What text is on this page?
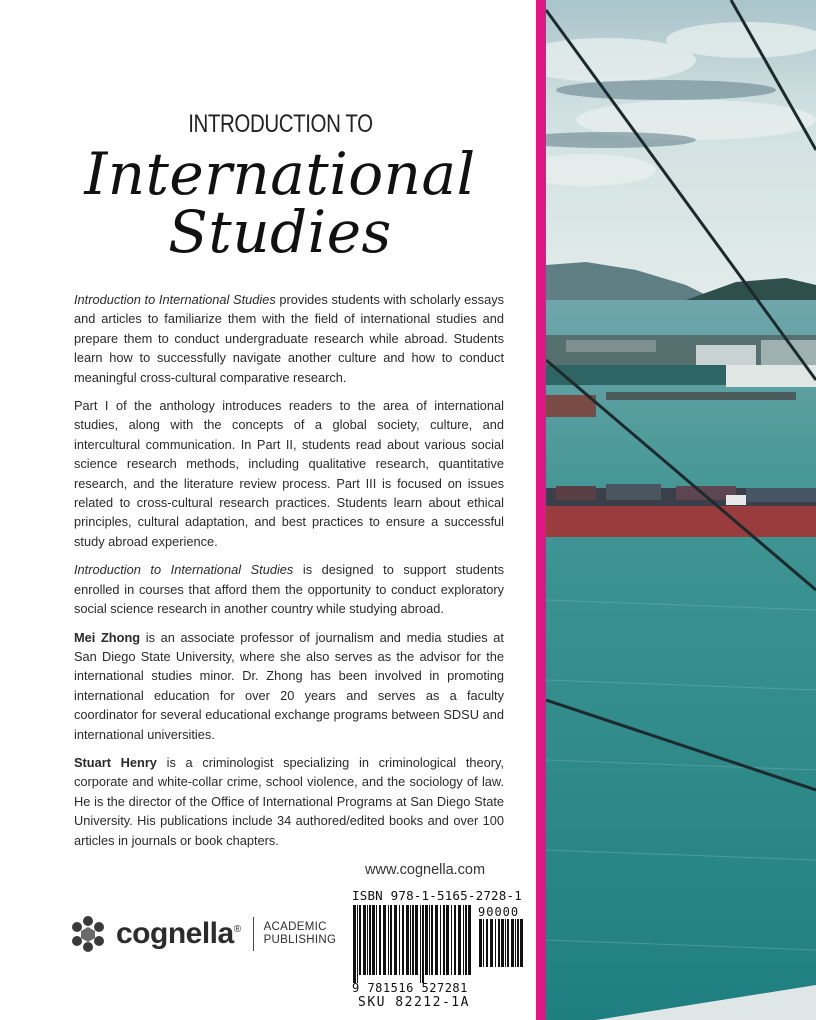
INTRODUCTION TO
International
Studies

Introduction to International Studies provides students with scholarly essays and articles to familiarize them with the field of international studies and prepare them to conduct undergraduate research while abroad. Students learn how to successfully navigate another culture and how to conduct meaningful cross-cultural comparative research.

Part I of the anthology introduces readers to the area of international studies, along with the concepts of a global society, culture, and intercultural communication. In Part II, students read about various social science research methods, including qualitative research, quantitative research, and the literature review process. Part III is focused on issues related to cross-cultural research practices. Students learn about ethical principles, cultural adaptation, and best practices to ensure a successful study abroad experience.

Introduction to International Studies is designed to support students enrolled in courses that afford them the opportunity to conduct exploratory social science research in another country while studying abroad.

Mei Zhong is an associate professor of journalism and media studies at San Diego State University, where she also serves as the advisor for the international studies minor. Dr. Zhong has been involved in promoting international education for over 20 years and serves as a faculty coordinator for several educational exchange programs between SDSU and international universities.

Stuart Henry is a criminologist specializing in criminological theory, corporate and white-collar crime, school violence, and the sociology of law. He is the director of the Office of International Programs at San Diego State University. His publications include 34 authored/edited books and over 100 articles in journals or book chapters.

www.cognella.com
cognella® ACADEMIC
PUBLISHING
ISBN 978-1-5165-2728-1
90000
9 781516 527281
SKU 82212-1A
